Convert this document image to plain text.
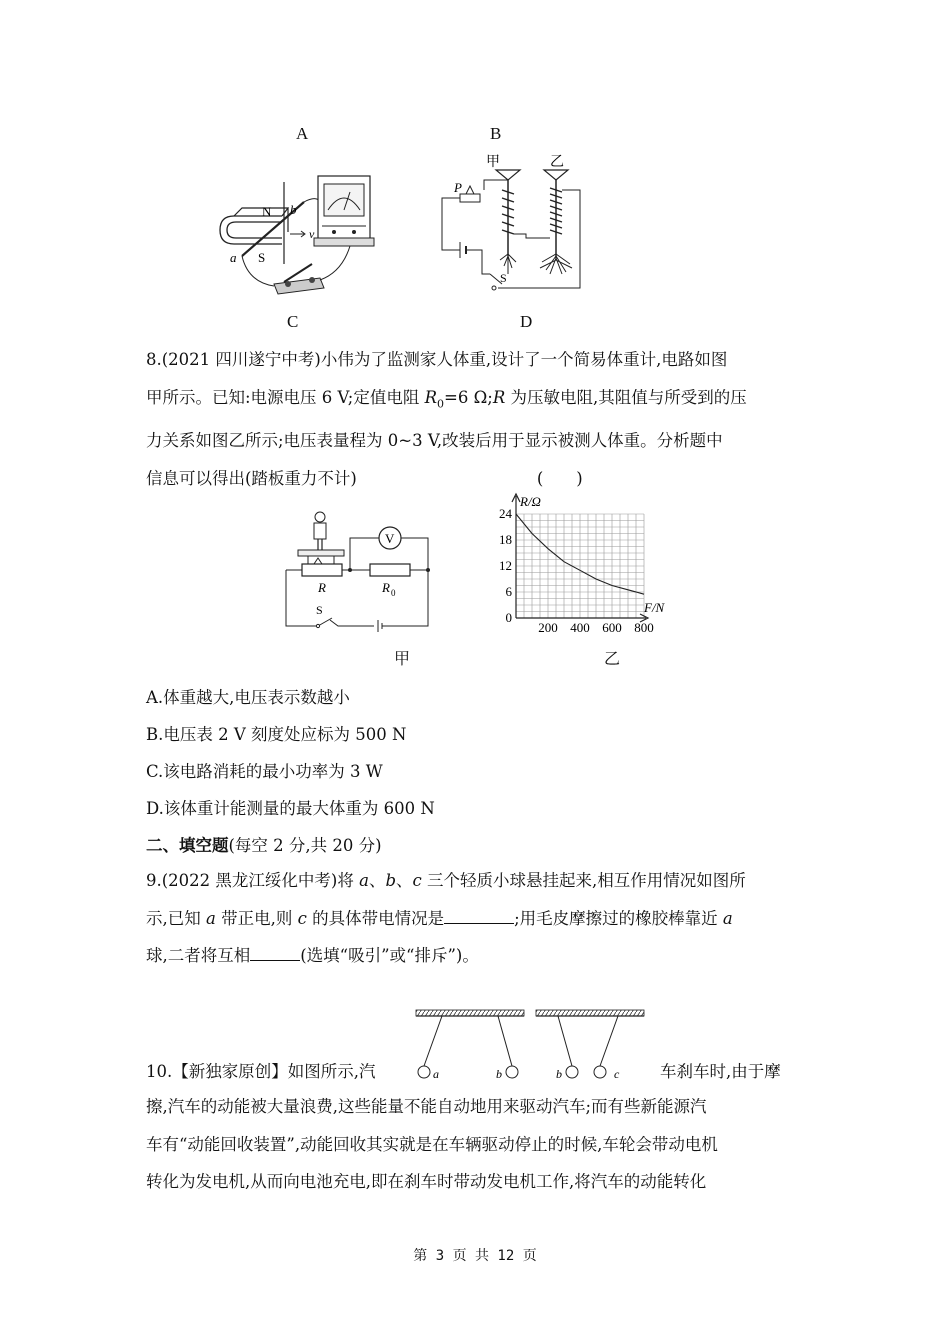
A	B
N b
a S
v
甲	乙
P
S
C	D

8.(2021 四川遂宁中考)小伟为了监测家人体重,设计了一个简易体重计,电路如图

甲所示。已知:电源电压 6 V;定值电阻 $R_0=6$ Ω;R 为压敏电阻,其阻值与所受到的压

力关系如图乙所示;电压表量程为 0~3 V,改装后用于显示被测人体重。分析题中

信息可以得出(踏板重力不计)	(　　)

R	R 0
V
S
甲
R/Ω
F/N
0
6
12
18
24
200 400 600 800
乙
A.体重越大,电压表示数越小
B.电压表 2 V 刻度处应标为 500 N
C.该电路消耗的最小功率为 3 W
D.该体重计能测量的最大体重为 600 N
二、填空题(每空 2 分,共 20 分)

9.(2022 黑龙江绥化中考)将 a、b、c 三个轻质小球悬挂起来,相互作用情况如图所

示,已知 a 带正电,则 c 的具体带电情况是	;用毛皮摩擦过的橡胶棒靠近 a

球,二者将互相	(选填“吸引”或“排斥”)。

a	b	b	c
10.【新独家原创】如图所示,汽	车刹车时,由于摩

擦,汽车的动能被大量浪费,这些能量不能自动地用来驱动汽车;而有些新能源汽

车有“动能回收装置”,动能回收其实就是在车辆驱动停止的时候,车轮会带动电机

转化为发电机,从而向电池充电,即在刹车时带动发电机工作,将汽车的动能转化

第 3 页 共 12 页
